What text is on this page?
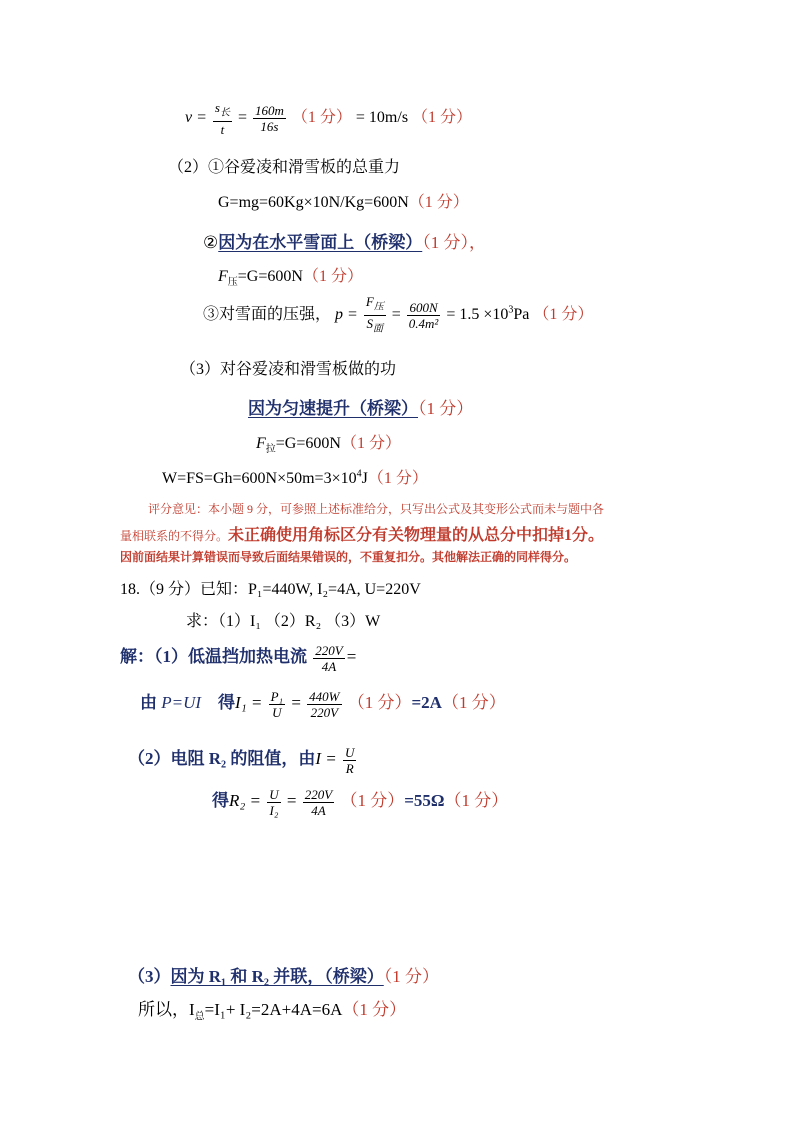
$v = \frac{s_长}{t} = \frac{160m}{16s} (1$ 分） = 10m/s （1 分）
（2）①谷爱凌和滑雪板的总重力
G=mg=60Kg×10N/Kg=600N（1 分）
②因为在水平雪面上（桥梁）（1 分），
$F_压=G=600N(1$ 分）
③对雪面的压强， $p = \frac{F_压}{S_面} = \frac{600N}{\text{0.4m²}} = 1.5 \times 10^3Pa$ （1 分）
（3）对谷爱凌和滑雪板做的功
因为匀速提升（桥梁）（1 分）
$F_拉=G=600N(1$ 分）
$W=FS=Gh=600N\times 50m=3\times 10^4J(1$ 分）
评分意见：本小题 9 分，可参照上述标准给分，只写出公式及其变形公式而未与题中各
量相联系的不得分。未正确使用角标区分有关物理量的从总分中扣掉1分。
因前面结果计算错误而导致后面结果错误的，不重复扣分。其他解法正确的同样得分。
18.（9 分）已知：P₁=440W, I₂=4A, U=220V
求：（1）I₁ （2）R₂ （3）W
解：（1）低温挡加热电流 $\frac{220V}{4A}$ =
由 P=UI 得$I_1 = \frac{\text{P₁}}{U} = \frac{440W}{220V} (1$ 分）=2A（1 分）
（2）电阻 R₂ 的阻值，由$I = \frac{U}{R}$
得$R_2 = \frac{U}{\text{I₂}} = \frac{220V}{4A} (1$ 分）=55Ω（1 分）
（3）因为 R₁ 和 R₂ 并联，（桥梁）（1 分）
所以，$I_总=I_1+ I_2=2A+4A=6A(1$ 分）
